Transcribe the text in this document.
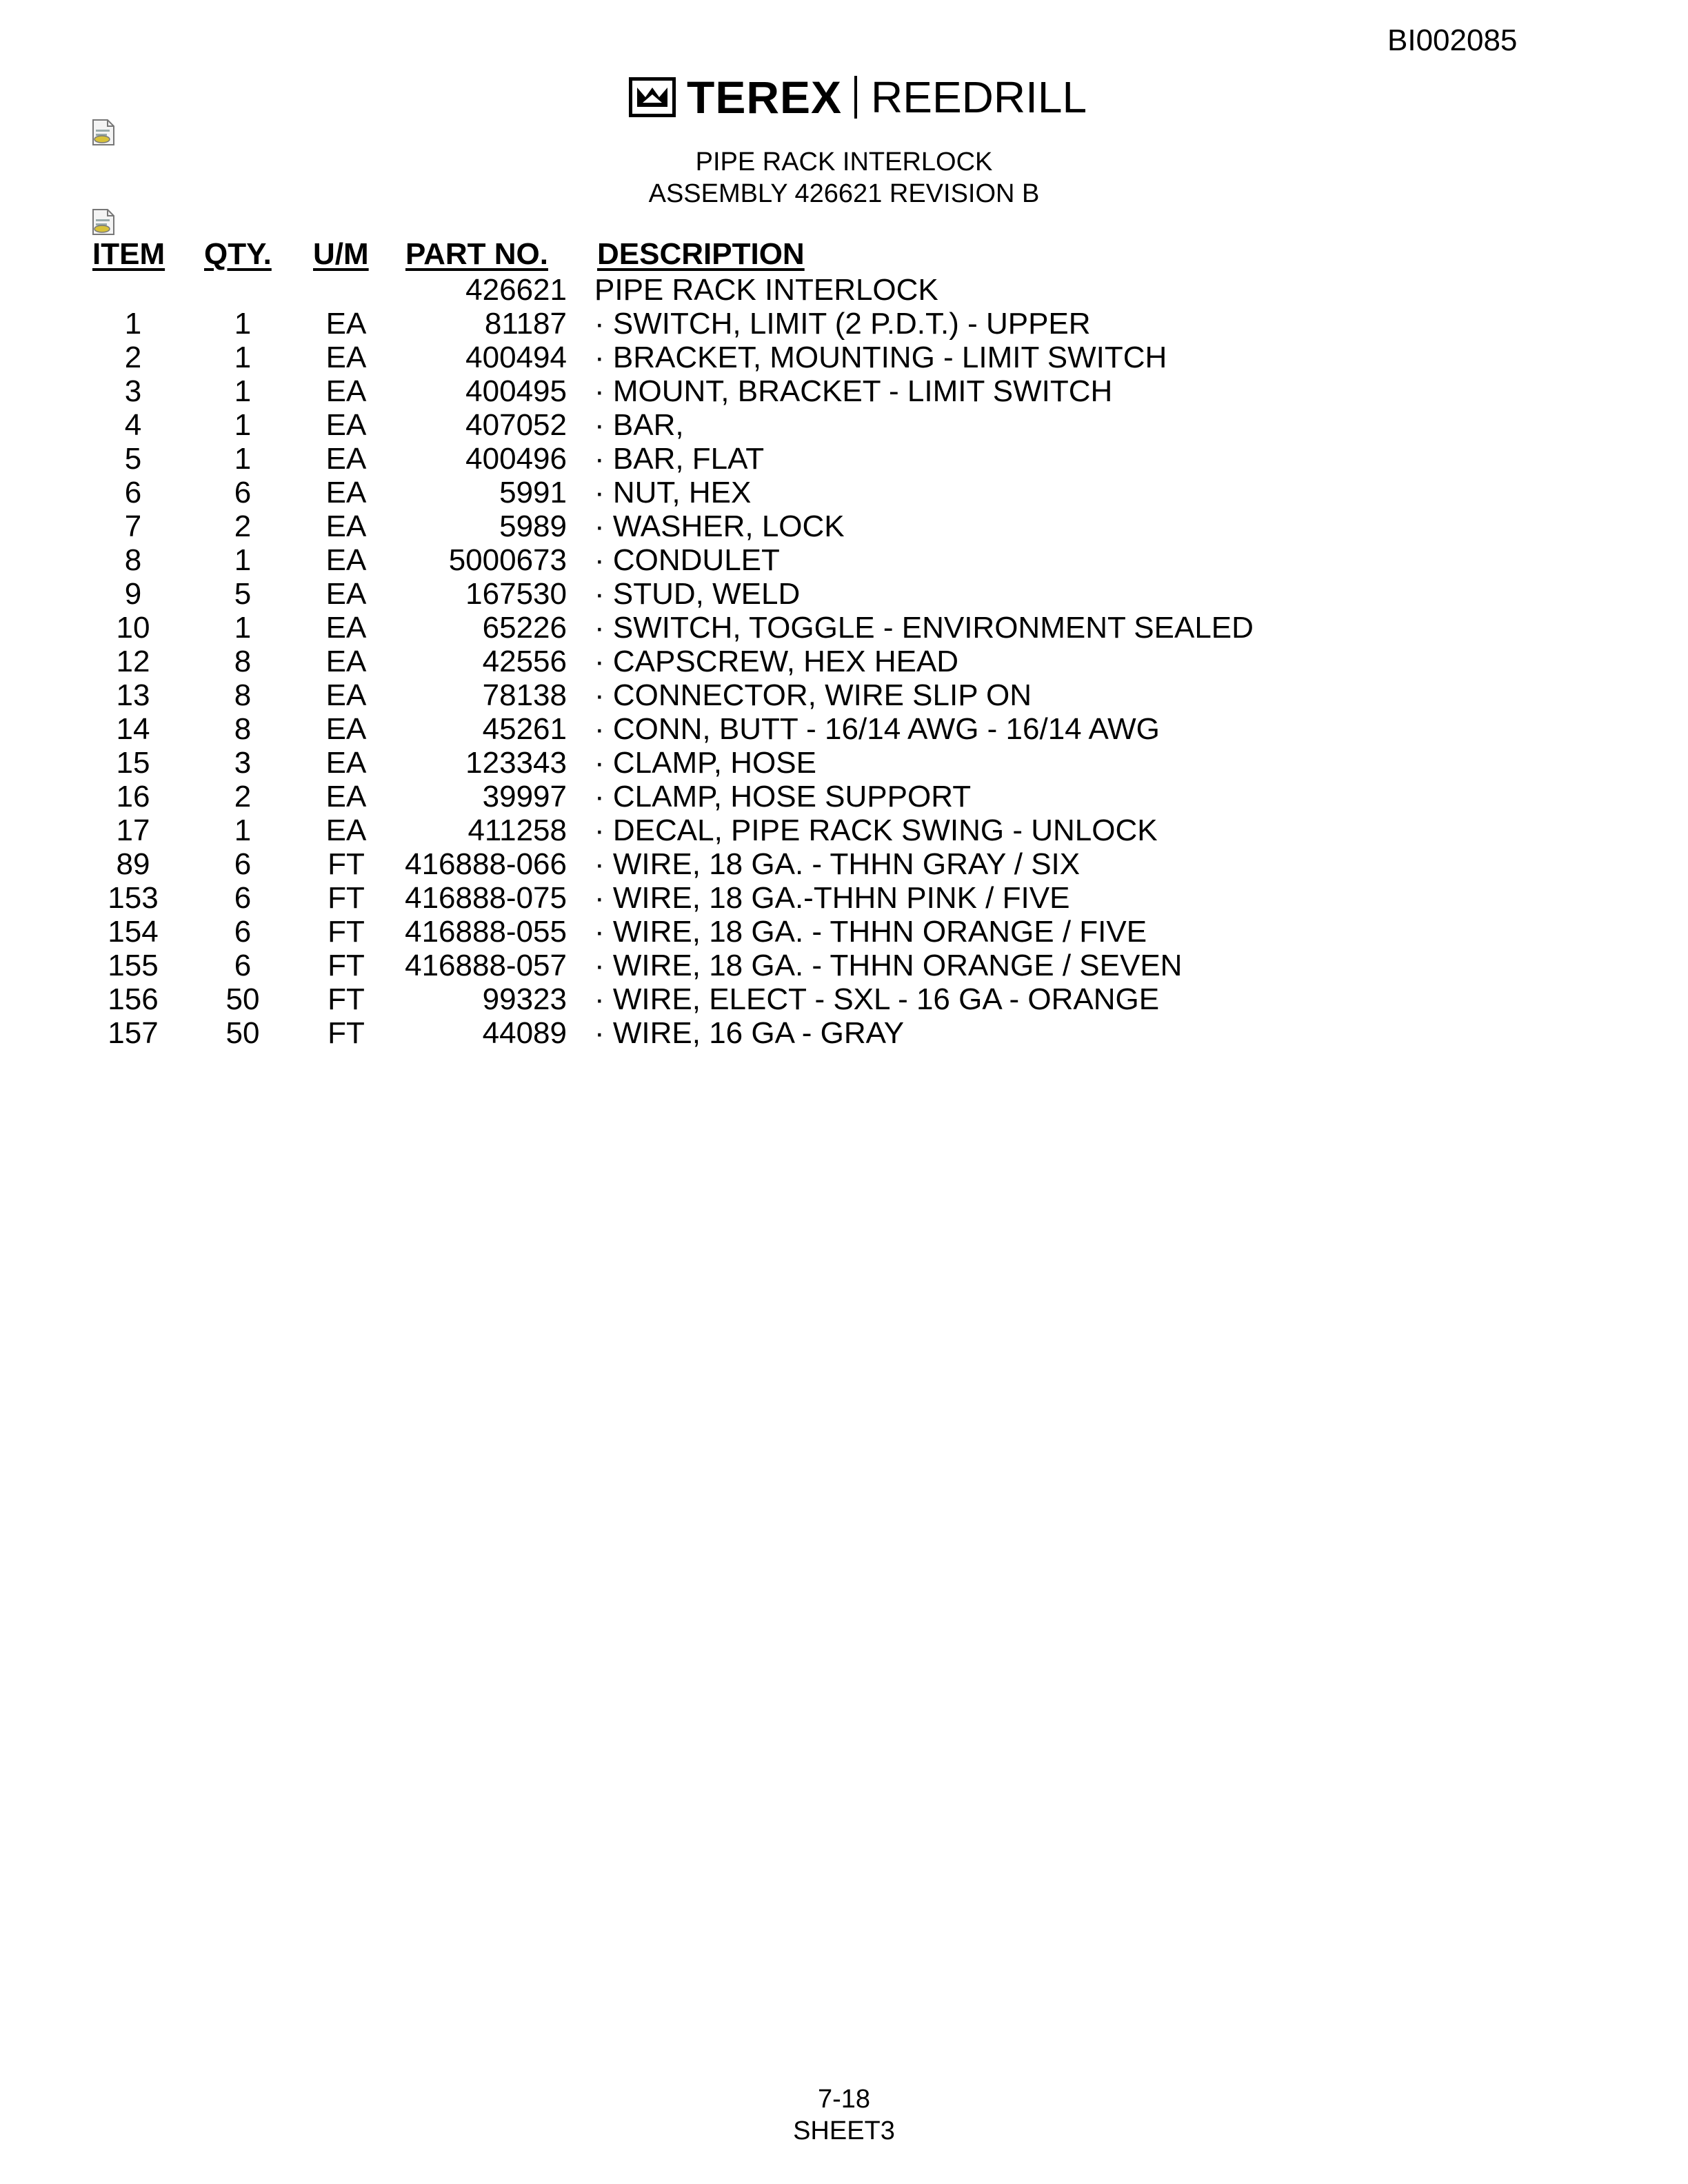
BI002085
TEREX REEDRILL
PIPE RACK INTERLOCK
ASSEMBLY 426621 REVISION B
ITEM QTY. U/M PART NO. DESCRIPTION
426621 PIPE RACK INTERLOCK
1	1	EA	81187 · SWITCH, LIMIT (2 P.D.T.) - UPPER
2	1	EA	400494 · BRACKET, MOUNTING - LIMIT SWITCH
3	1	EA	400495 · MOUNT, BRACKET - LIMIT SWITCH
4	1	EA	407052 · BAR,
5	1	EA	400496 · BAR, FLAT
6	6	EA	5991 · NUT, HEX
7	2	EA	5989 · WASHER, LOCK
8	1	EA	5000673 · CONDULET
9	5	EA	167530 · STUD, WELD
10	1	EA	65226 · SWITCH, TOGGLE - ENVIRONMENT SEALED
12	8	EA	42556 · CAPSCREW, HEX HEAD
13	8	EA	78138 · CONNECTOR, WIRE SLIP ON
14	8	EA	45261 · CONN, BUTT - 16/14 AWG - 16/14 AWG
15	3	EA	123343 · CLAMP, HOSE
16	2	EA	39997 · CLAMP, HOSE SUPPORT
17	1	EA	411258 · DECAL, PIPE RACK SWING - UNLOCK
89	6	FT	416888-066 · WIRE, 18 GA. - THHN GRAY / SIX
153	6	FT	416888-075 · WIRE, 18 GA.-THHN PINK / FIVE
154	6	FT	416888-055 · WIRE, 18 GA. - THHN ORANGE / FIVE
155	6	FT	416888-057 · WIRE, 18 GA. - THHN ORANGE / SEVEN
156	50	FT	99323 · WIRE, ELECT - SXL - 16 GA - ORANGE
157	50	FT	44089 · WIRE, 16 GA - GRAY
7-18
SHEET3
